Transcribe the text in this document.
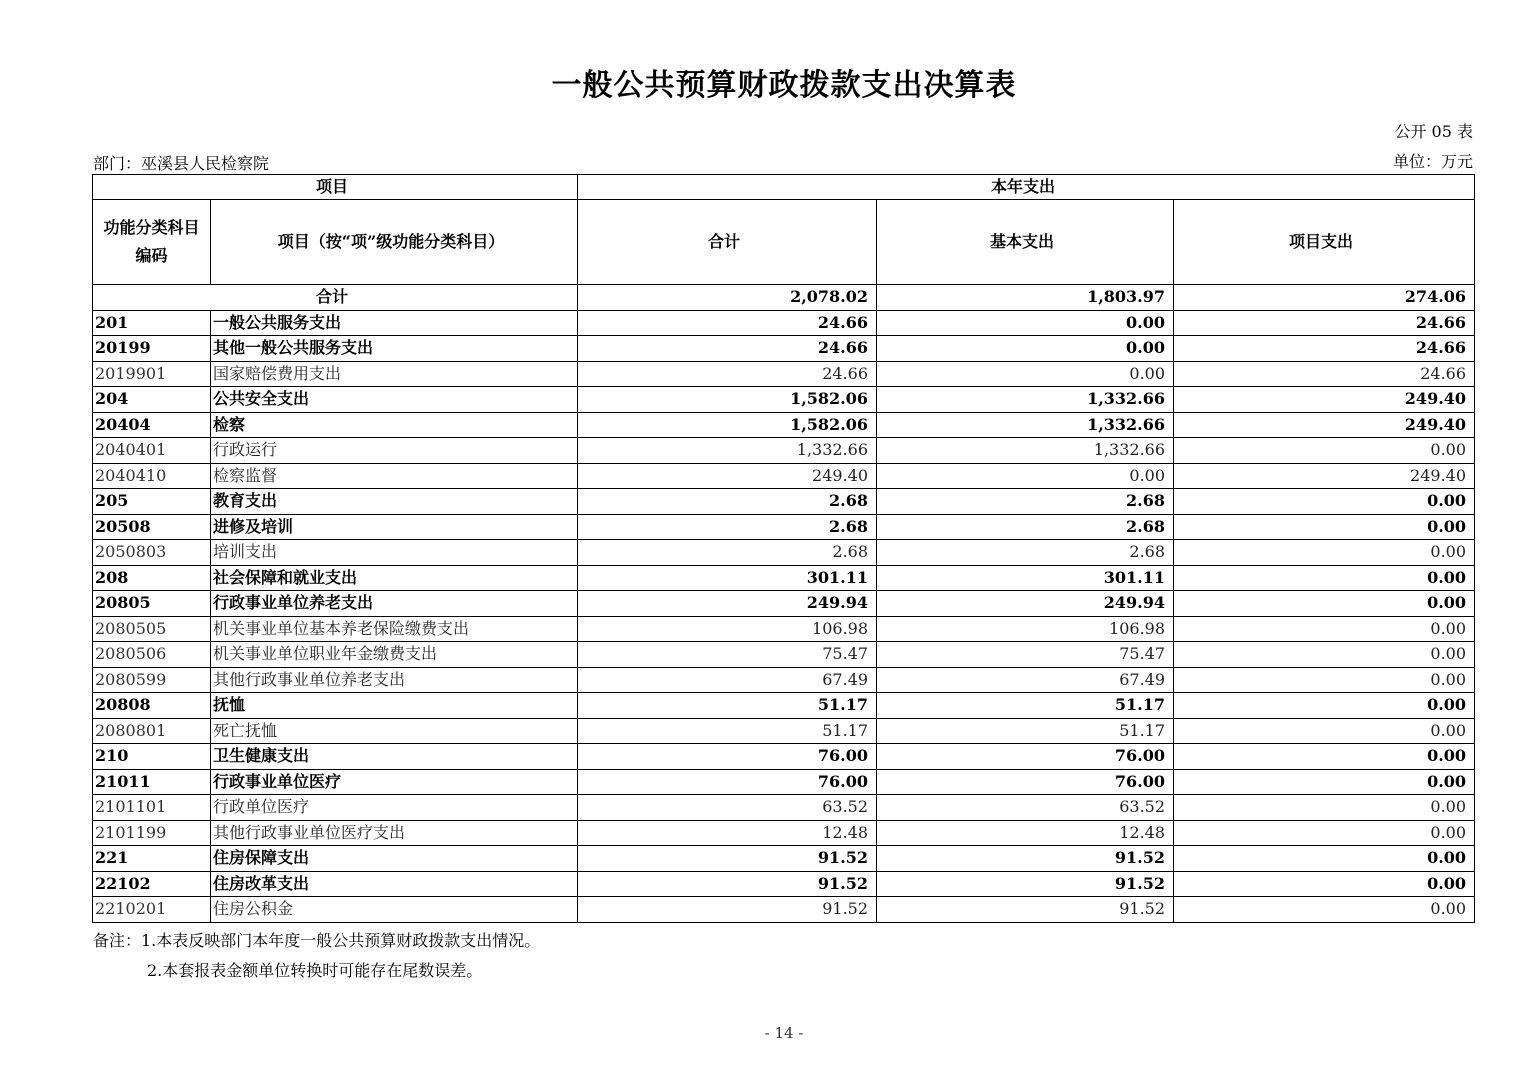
一般公共预算财政拨款支出决算表
公开 05 表
部门：巫溪县人民检察院	单位：万元
项目		本年支出		
功能分类科目编码	项目（按“项”级功能分类科目）	合计	基本支出	项目支出
合计		2,078.02	1,803.97	274.06
201	一般公共服务支出	24.66	0.00	24.66
20199	其他一般公共服务支出	24.66	0.00	24.66
2019901	国家赔偿费用支出	24.66	0.00	24.66
204	公共安全支出	1,582.06	1,332.66	249.40
20404	检察	1,582.06	1,332.66	249.40
2040401	行政运行	1,332.66	1,332.66	0.00
2040410	检察监督	249.40	0.00	249.40
205	教育支出	2.68	2.68	0.00
20508	进修及培训	2.68	2.68	0.00
2050803	培训支出	2.68	2.68	0.00
208	社会保障和就业支出	301.11	301.11	0.00
20805	行政事业单位养老支出	249.94	249.94	0.00
2080505	机关事业单位基本养老保险缴费支出	106.98	106.98	0.00
2080506	机关事业单位职业年金缴费支出	75.47	75.47	0.00
2080599	其他行政事业单位养老支出	67.49	67.49	0.00
20808	抚恤	51.17	51.17	0.00
2080801	死亡抚恤	51.17	51.17	0.00
210	卫生健康支出	76.00	76.00	0.00
21011	行政事业单位医疗	76.00	76.00	0.00
2101101	行政单位医疗	63.52	63.52	0.00
2101199	其他行政事业单位医疗支出	12.48	12.48	0.00
221	住房保障支出	91.52	91.52	0.00
22102	住房改革支出	91.52	91.52	0.00
2210201	住房公积金	91.52	91.52	0.00
备注：1.本表反映部门本年度一般公共预算财政拨款支出情况。
2.本套报表金额单位转换时可能存在尾数误差。
- 14 -
